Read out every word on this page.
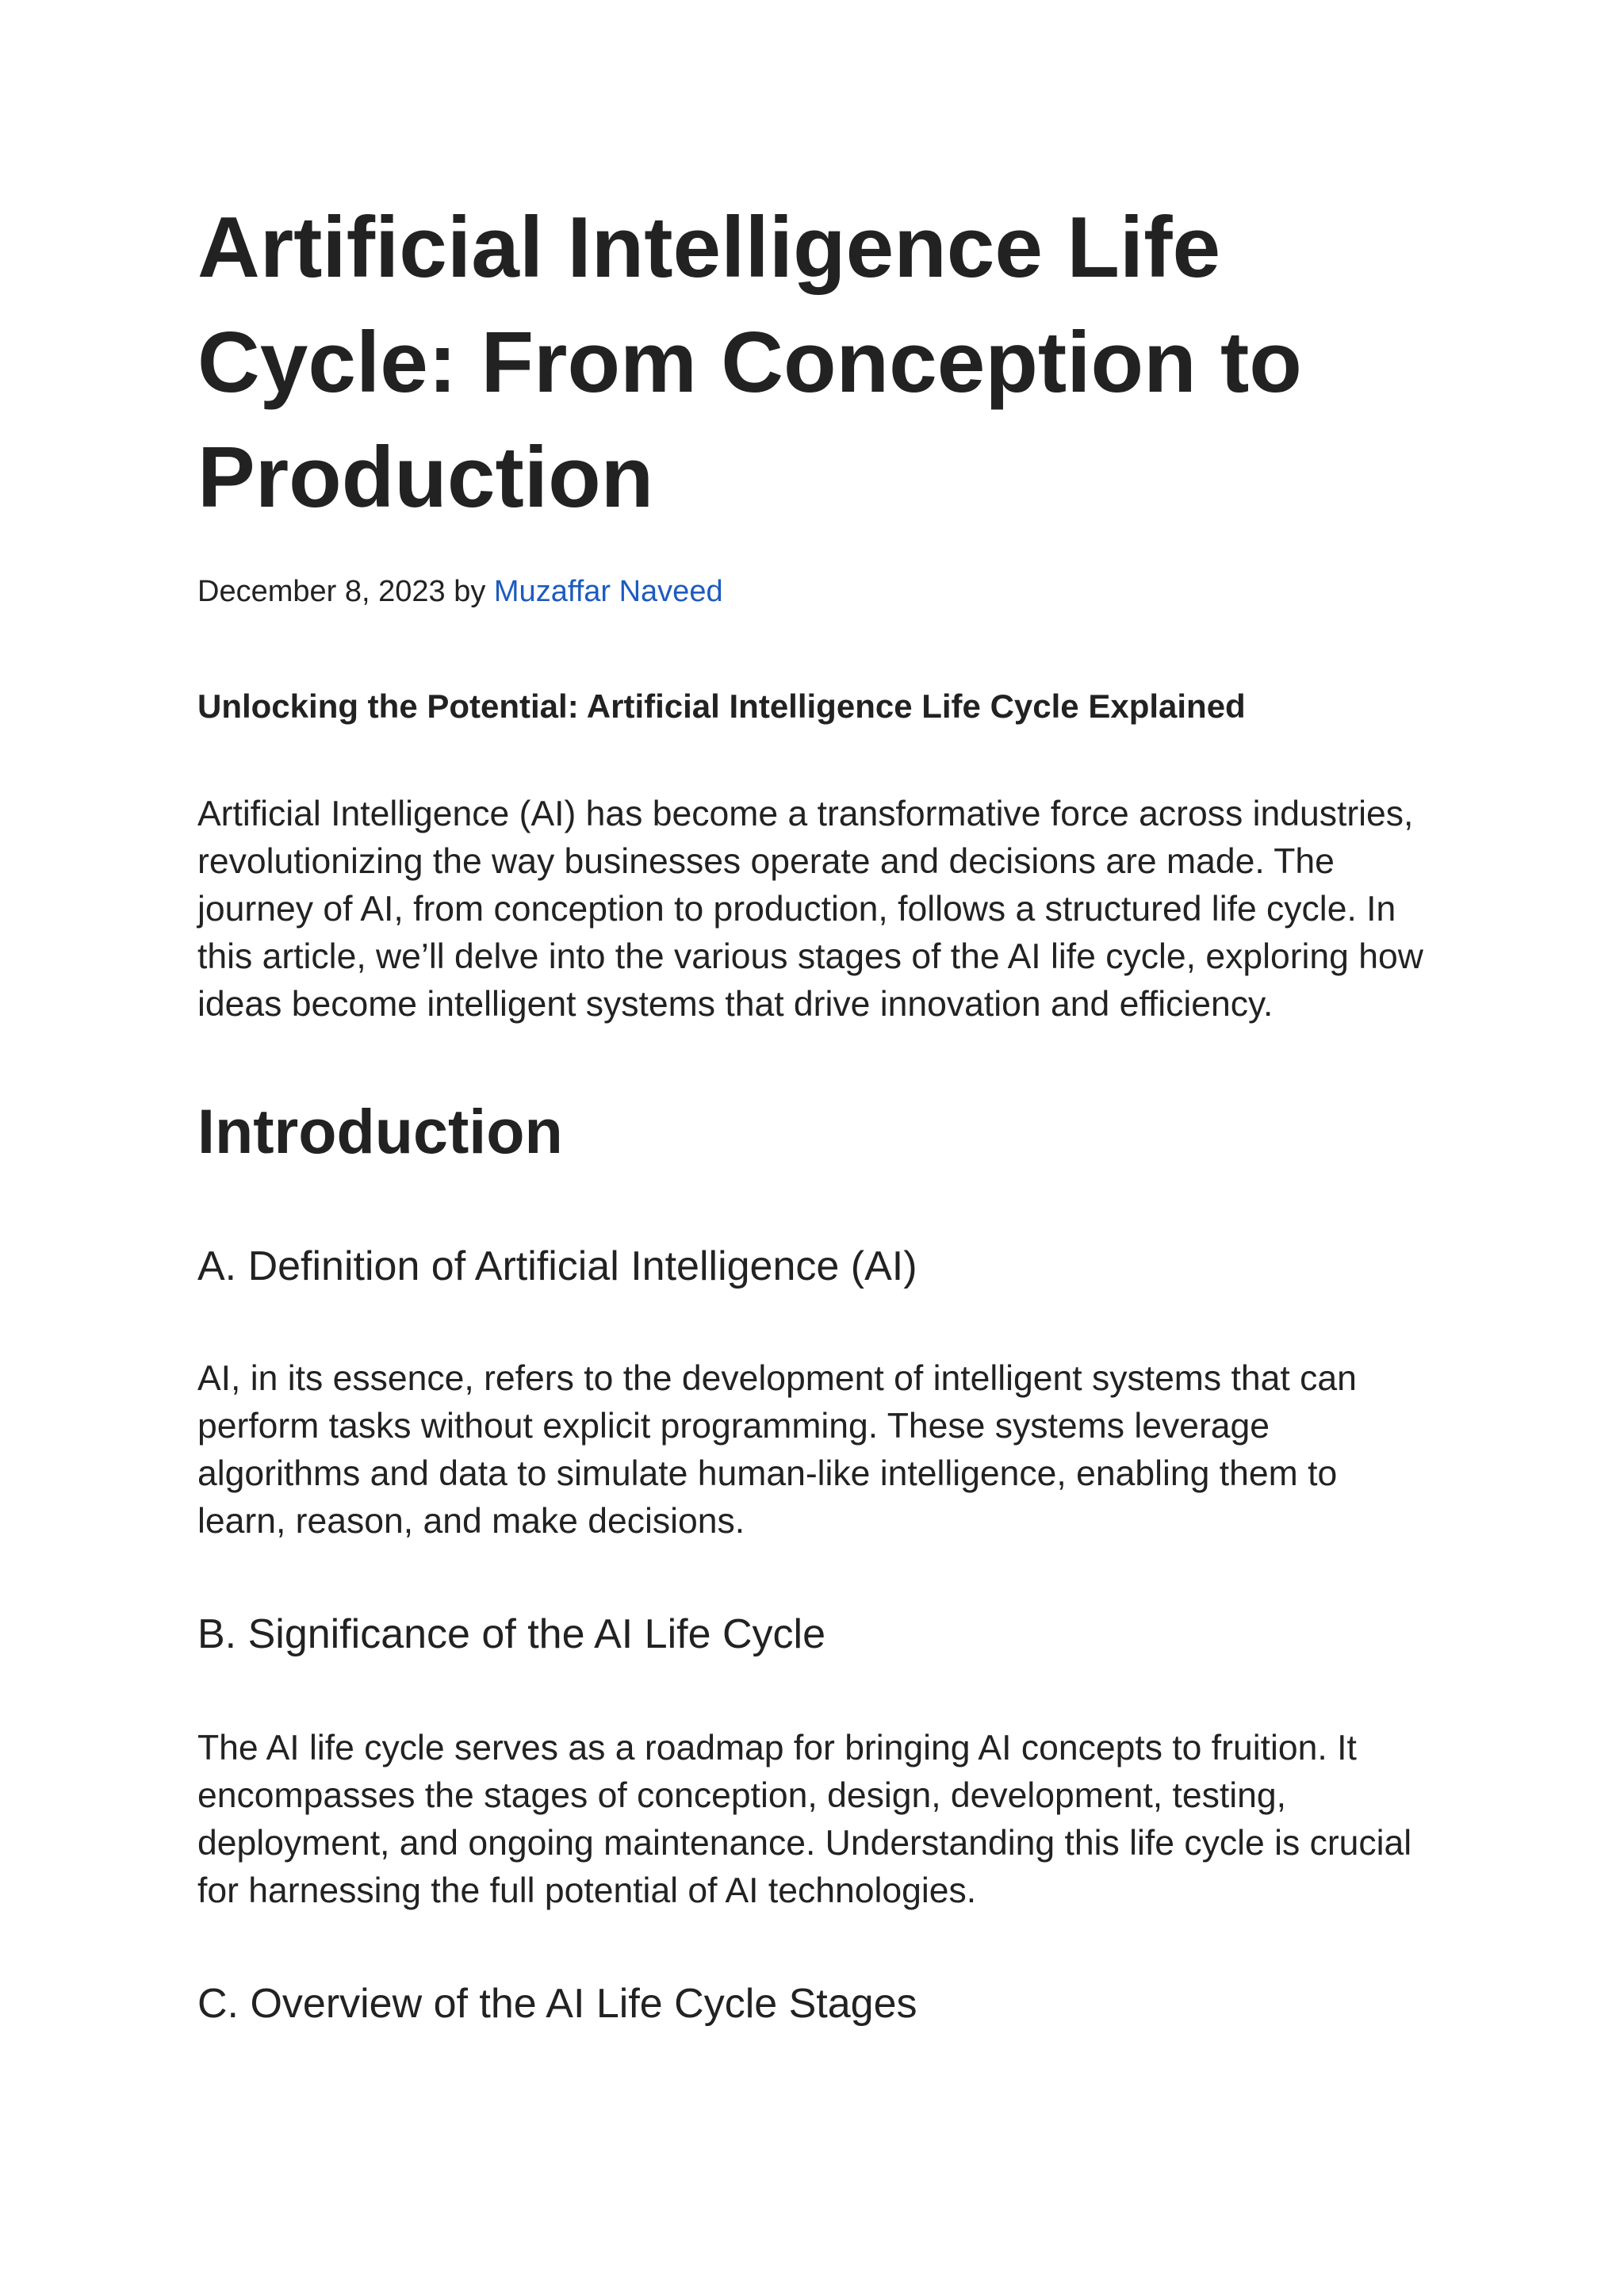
Artificial Intelligence Life Cycle: From Conception to Production
December 8, 2023 by Muzaffar Naveed
Unlocking the Potential: Artificial Intelligence Life Cycle Explained

Artificial Intelligence (AI) has become a transformative force across industries, revolutionizing the way businesses operate and decisions are made. The journey of AI, from conception to production, follows a structured life cycle. In this article, we’ll delve into the various stages of the AI life cycle, exploring how ideas become intelligent systems that drive innovation and efficiency.

Introduction
A. Definition of Artificial Intelligence (AI)

AI, in its essence, refers to the development of intelligent systems that can perform tasks without explicit programming. These systems leverage algorithms and data to simulate human-like intelligence, enabling them to learn, reason, and make decisions.

B. Significance of the AI Life Cycle

The AI life cycle serves as a roadmap for bringing AI concepts to fruition. It encompasses the stages of conception, design, development, testing, deployment, and ongoing maintenance. Understanding this life cycle is crucial for harnessing the full potential of AI technologies.

C. Overview of the AI Life Cycle Stages
